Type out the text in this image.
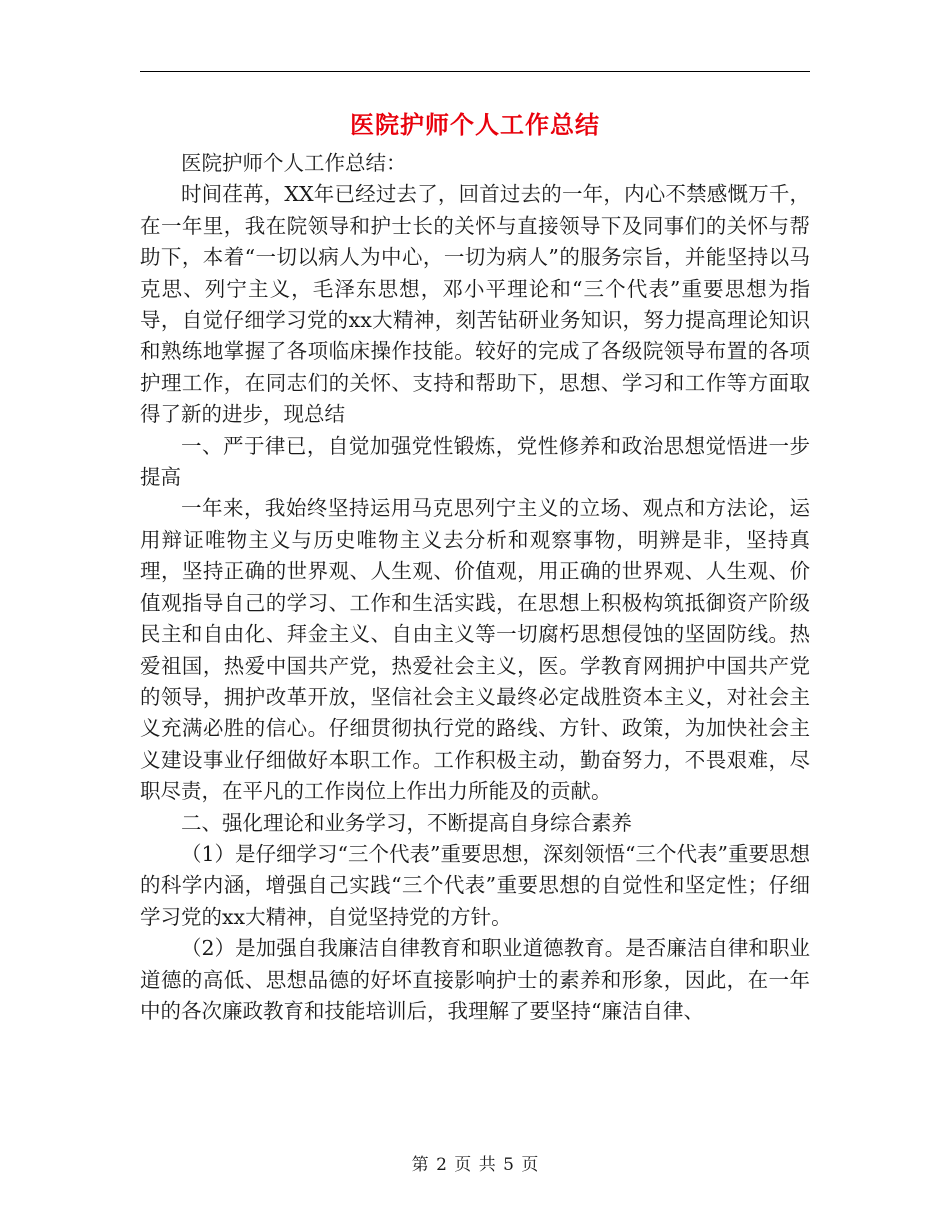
医院护师个人工作总结

医院护师个人工作总结：

时间荏苒，XX年已经过去了，回首过去的一年，内心不禁感慨万千，在一年里，我在院领导和护士长的关怀与直接领导下及同事们的关怀与帮助下，本着“一切以病人为中心，一切为病人”的服务宗旨，并能坚持以马克思、列宁主义，毛泽东思想，邓小平理论和“三个代表”重要思想为指导，自觉仔细学习党的xx大精神，刻苦钻研业务知识，努力提高理论知识和熟练地掌握了各项临床操作技能。较好的完成了各级院领导布置的各项护理工作，在同志们的关怀、支持和帮助下，思想、学习和工作等方面取得了新的进步，现总结

一、严于律已，自觉加强党性锻炼，党性修养和政治思想觉悟进一步提高

一年来，我始终坚持运用马克思列宁主义的立场、观点和方法论，运用辩证唯物主义与历史唯物主义去分析和观察事物，明辨是非，坚持真理，坚持正确的世界观、人生观、价值观，用正确的世界观、人生观、价值观指导自己的学习、工作和生活实践，在思想上积极构筑抵御资产阶级民主和自由化、拜金主义、自由主义等一切腐朽思想侵蚀的坚固防线。热爱祖国，热爱中国共产党，热爱社会主义，医。学教育网拥护中国共产党的领导，拥护改革开放，坚信社会主义最终必定战胜资本主义，对社会主义充满必胜的信心。仔细贯彻执行党的路线、方针、政策，为加快社会主义建设事业仔细做好本职工作。工作积极主动，勤奋努力，不畏艰难，尽职尽责，在平凡的工作岗位上作出力所能及的贡献。

二、强化理论和业务学习，不断提高自身综合素养

（1）是仔细学习“三个代表”重要思想，深刻领悟“三个代表”重要思想的科学内涵，增强自己实践“三个代表”重要思想的自觉性和坚定性；仔细学习党的xx大精神，自觉坚持党的方针。

（2）是加强自我廉洁自律教育和职业道德教育。是否廉洁自律和职业道德的高低、思想品德的好坏直接影响护士的素养和形象，因此，在一年中的各次廉政教育和技能培训后，我理解了要坚持“廉洁自律、

第 2 页 共 5 页
